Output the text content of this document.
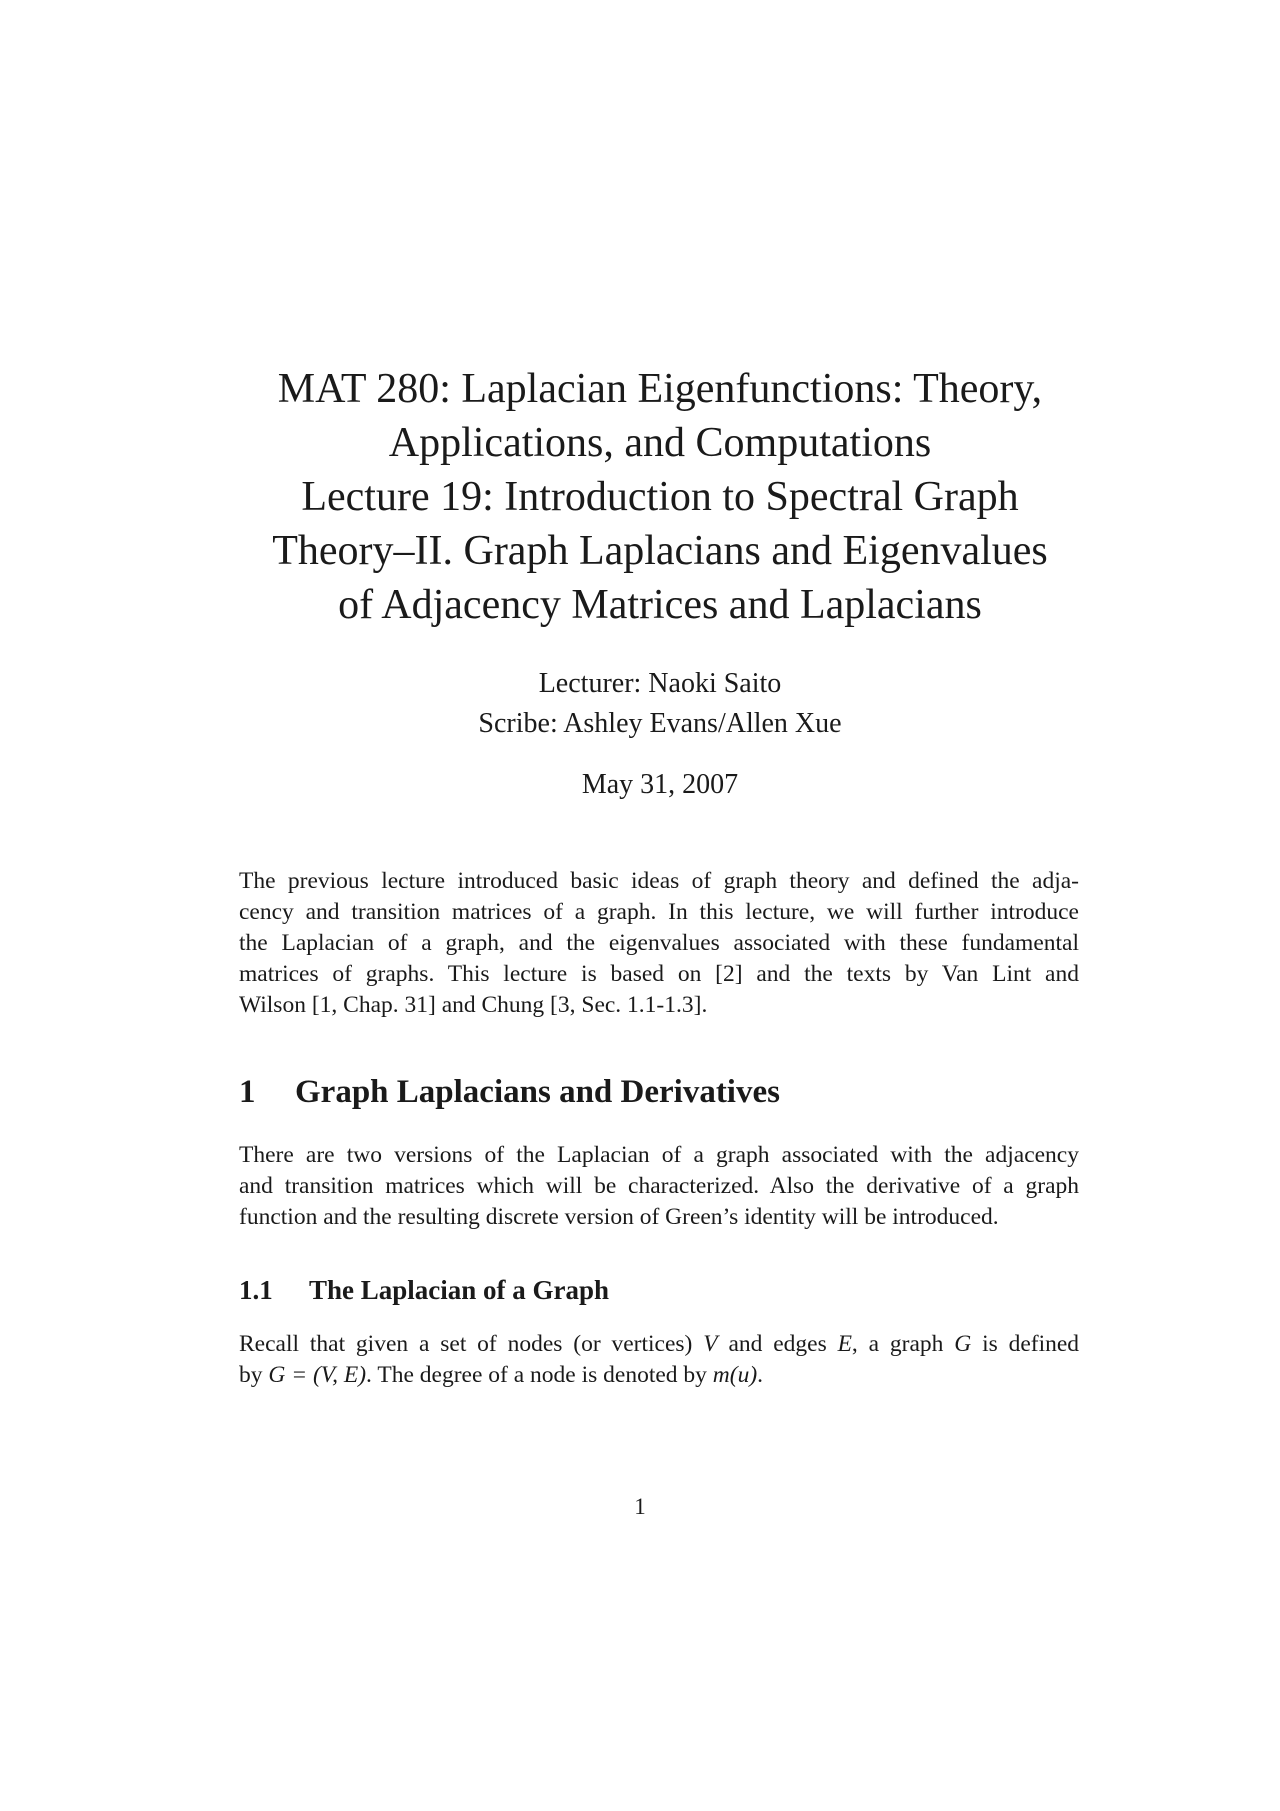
MAT 280: Laplacian Eigenfunctions: Theory,
Applications, and Computations
Lecture 19: Introduction to Spectral Graph
Theory–II. Graph Laplacians and Eigenvalues
of Adjacency Matrices and Laplacians
Lecturer: Naoki Saito
Scribe: Ashley Evans/Allen Xue
May 31, 2007
The previous lecture introduced basic ideas of graph theory and defined the adja-
cency and transition matrices of a graph. In this lecture, we will further introduce
the Laplacian of a graph, and the eigenvalues associated with these fundamental
matrices of graphs. This lecture is based on [2] and the texts by Van Lint and
Wilson [1, Chap. 31] and Chung [3, Sec. 1.1-1.3].
1 Graph Laplacians and Derivatives
There are two versions of the Laplacian of a graph associated with the adjacency
and transition matrices which will be characterized. Also the derivative of a graph
function and the resulting discrete version of Green’s identity will be introduced.
1.1 The Laplacian of a Graph
Recall that given a set of nodes (or vertices) V and edges E, a graph G is defined
by G = (V, E). The degree of a node is denoted by m(u).
1
